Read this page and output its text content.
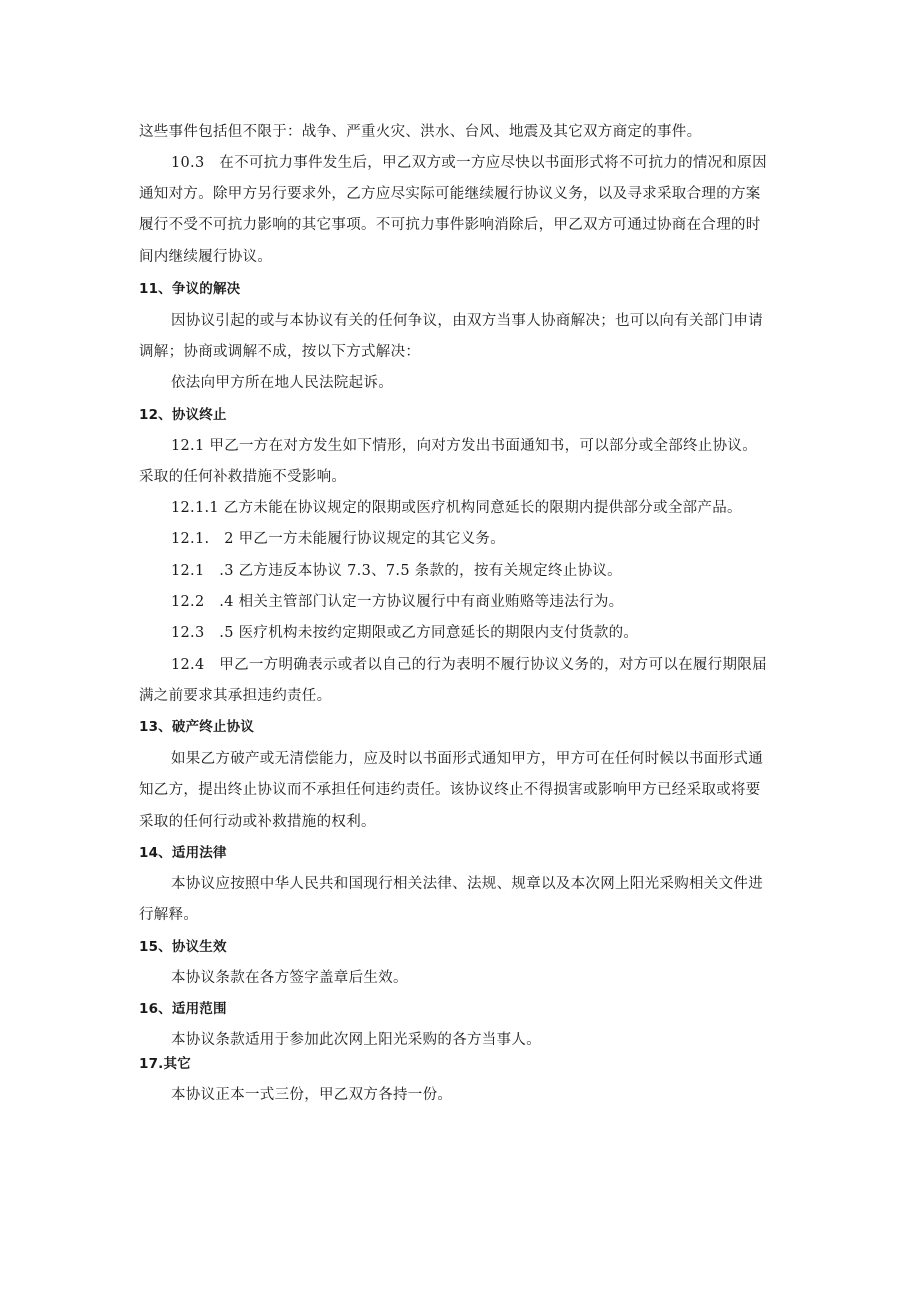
这些事件包括但不限于：战争、严重火灾、洪水、台风、地震及其它双方商定的事件。
10.3　在不可抗力事件发生后，甲乙双方或一方应尽快以书面形式将不可抗力的情况和原因
通知对方。除甲方另行要求外，乙方应尽实际可能继续履行协议义务，以及寻求采取合理的方案
履行不受不可抗力影响的其它事项。不可抗力事件影响消除后，甲乙双方可通过协商在合理的时
间内继续履行协议。
11、争议的解决
因协议引起的或与本协议有关的任何争议，由双方当事人协商解决；也可以向有关部门申请
调解；协商或调解不成，按以下方式解决：
依法向甲方所在地人民法院起诉。
12、协议终止
12.1 甲乙一方在对方发生如下情形，向对方发出书面通知书，可以部分或全部终止协议。
采取的任何补救措施不受影响。
12.1.1 乙方未能在协议规定的限期或医疗机构同意延长的限期内提供部分或全部产品。
12.1.　2 甲乙一方未能履行协议规定的其它义务。
12.1　.3 乙方违反本协议 7.3、7.5 条款的，按有关规定终止协议。
12.2　.4 相关主管部门认定一方协议履行中有商业贿赂等违法行为。
12.3　.5 医疗机构未按约定期限或乙方同意延长的期限内支付货款的。
12.4　甲乙一方明确表示或者以自己的行为表明不履行协议义务的，对方可以在履行期限届
满之前要求其承担违约责任。
13、破产终止协议
如果乙方破产或无清偿能力，应及时以书面形式通知甲方，甲方可在任何时候以书面形式通
知乙方，提出终止协议而不承担任何违约责任。该协议终止不得损害或影响甲方已经采取或将要
采取的任何行动或补救措施的权利。
14、适用法律
本协议应按照中华人民共和国现行相关法律、法规、规章以及本次网上阳光采购相关文件进
行解释。
15、协议生效
本协议条款在各方签字盖章后生效。
16、适用范围
本协议条款适用于参加此次网上阳光采购的各方当事人。
17.其它
本协议正本一式三份，甲乙双方各持一份。
